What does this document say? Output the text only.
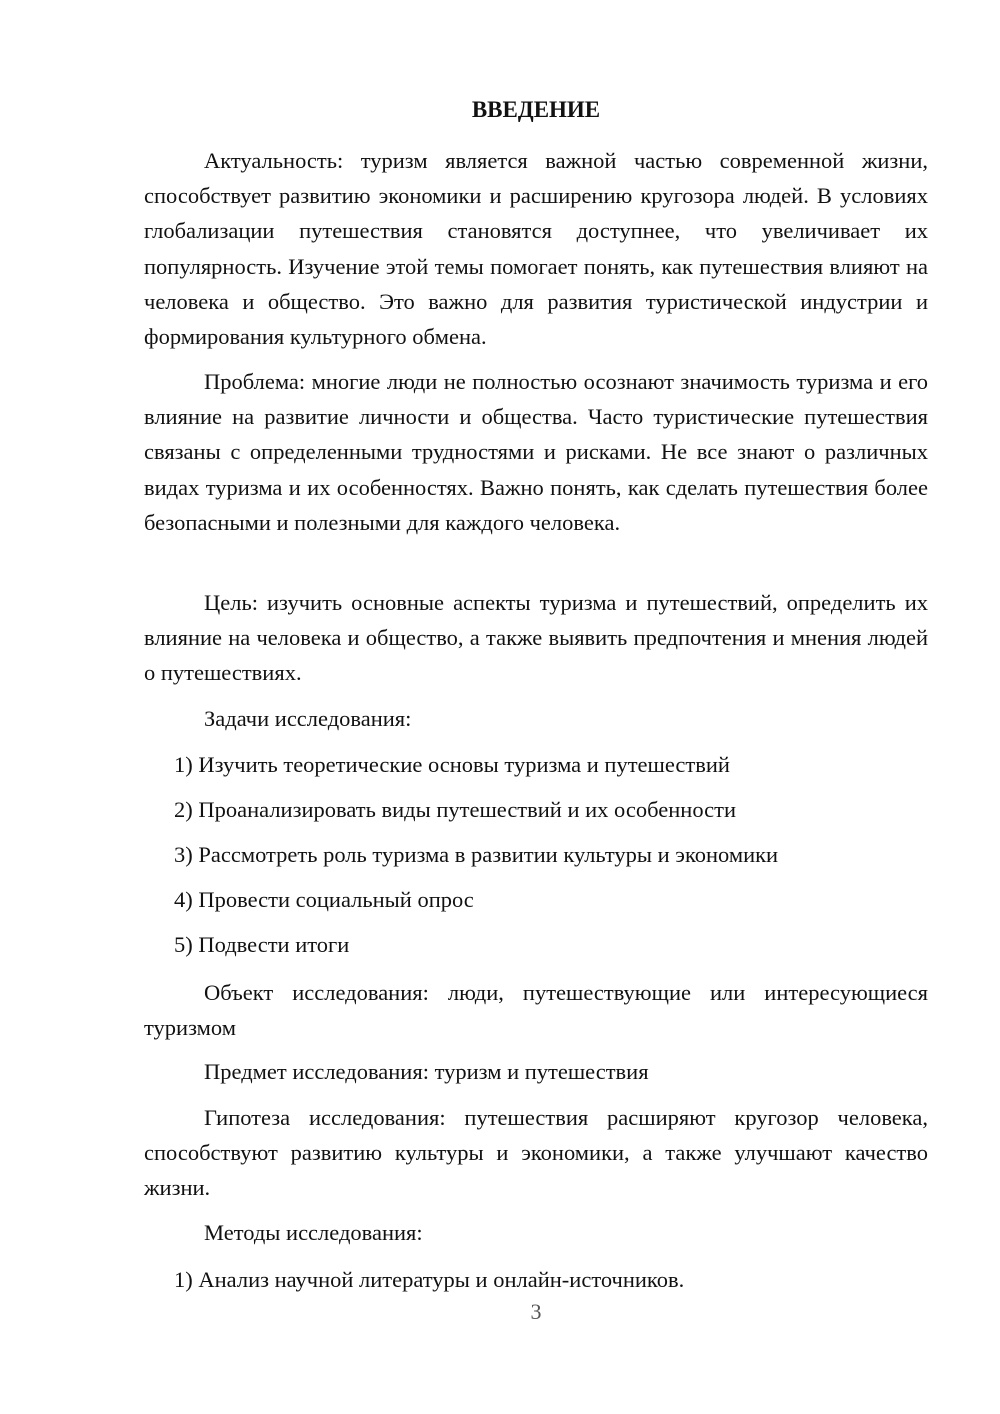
ВВЕДЕНИЕ

Актуальность: туризм является важной частью современной жизни, способствует развитию экономики и расширению кругозора людей. В условиях глобализации путешествия становятся доступнее, что увеличивает их популярность. Изучение этой темы помогает понять, как путешествия влияют на человека и общество. Это важно для развития туристической индустрии и формирования культурного обмена.

Проблема: многие люди не полностью осознают значимость туризма и его влияние на развитие личности и общества. Часто туристические путешествия связаны с определенными трудностями и рисками. Не все знают о различных видах туризма и их особенностях. Важно понять, как сделать путешествия более безопасными и полезными для каждого человека.

Цель: изучить основные аспекты туризма и путешествий, определить их влияние на человека и общество, а также выявить предпочтения и мнения людей о путешествиях.

Задачи исследования:

1) Изучить теоретические основы туризма и путешествий

2) Проанализировать виды путешествий и их особенности

3) Рассмотреть роль туризма в развитии культуры и экономики

4) Провести социальный опрос

5) Подвести итоги

Объект исследования: люди, путешествующие или интересующиеся туризмом

Предмет исследования: туризм и путешествия

Гипотеза исследования: путешествия расширяют кругозор человека, способствуют развитию культуры и экономики, а также улучшают качество жизни.

Методы исследования:

1) Анализ научной литературы и онлайн-источников.

3
